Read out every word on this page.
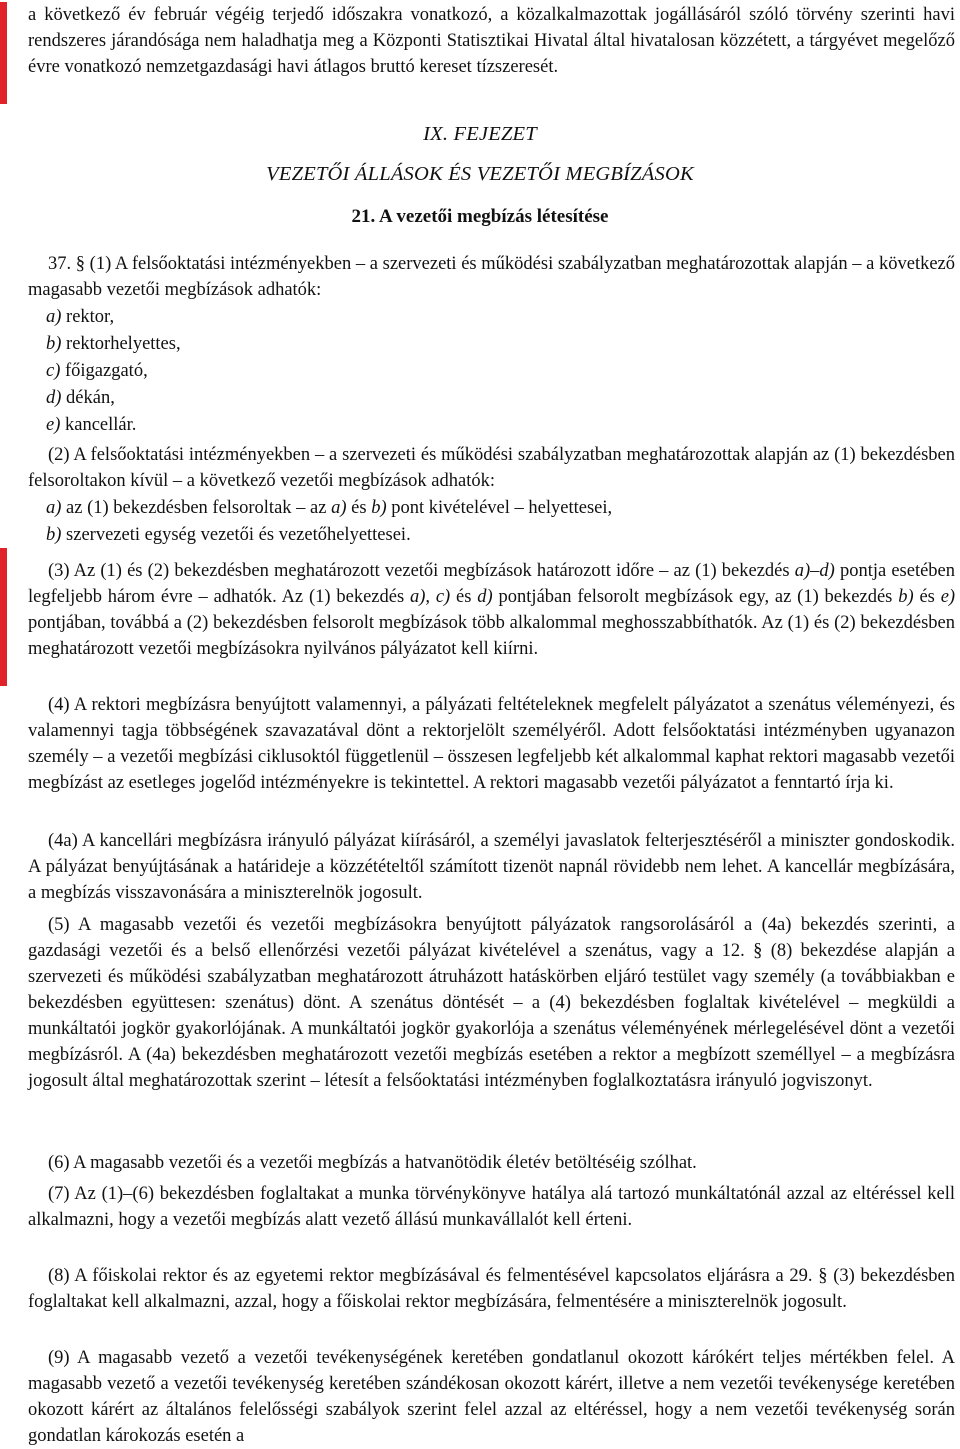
a következő év február végéig terjedő időszakra vonatkozó, a közalkalmazottak jogállásáról szóló törvény szerinti havi rendszeres járandósága nem haladhatja meg a Központi Statisztikai Hivatal által hivatalosan közzétett, a tárgyévet megelőző évre vonatkozó nemzetgazdasági havi átlagos bruttó kereset tízszeresét.

IX. FEJEZET

VEZETŐI ÁLLÁSOK ÉS VEZETŐI MEGBÍZÁSOK

21. A vezetői megbízás létesítése

37. § (1) A felsőoktatási intézményekben – a szervezeti és működési szabályzatban meghatározottak alapján – a következő magasabb vezetői megbízások adhatók:

a) rektor,
b) rektorhelyettes,
c) főigazgató,
d) dékán,
e) kancellár.

(2) A felsőoktatási intézményekben – a szervezeti és működési szabályzatban meghatározottak alapján az (1) bekezdésben felsoroltakon kívül – a következő vezetői megbízások adhatók:

a) az (1) bekezdésben felsoroltak – az a) és b) pont kivételével – helyettesei,
b) szervezeti egység vezetői és vezetőhelyettesei.

(3) Az (1) és (2) bekezdésben meghatározott vezetői megbízások határozott időre – az (1) bekezdés a)–d) pontja esetében legfeljebb három évre – adhatók. Az (1) bekezdés a), c) és d) pontjában felsorolt megbízások egy, az (1) bekezdés b) és e) pontjában, továbbá a (2) bekezdésben felsorolt megbízások több alkalommal meghosszabbíthatók. Az (1) és (2) bekezdésben meghatározott vezetői megbízásokra nyilvános pályázatot kell kiírni.

(4) A rektori megbízásra benyújtott valamennyi, a pályázati feltételeknek megfelelt pályázatot a szenátus véleményezi, és valamennyi tagja többségének szavazatával dönt a rektorjelölt személyéről. Adott felsőoktatási intézményben ugyanazon személy – a vezetői megbízási ciklusoktól függetlenül – összesen legfeljebb két alkalommal kaphat rektori magasabb vezetői megbízást az esetleges jogelőd intézményekre is tekintettel. A rektori magasabb vezetői pályázatot a fenntartó írja ki.

(4a) A kancellári megbízásra irányuló pályázat kiírásáról, a személyi javaslatok felterjesztéséről a miniszter gondoskodik. A pályázat benyújtásának a határideje a közzétételtől számított tizenöt napnál rövidebb nem lehet. A kancellár megbízására, a megbízás visszavonására a miniszterelnök jogosult.

(5) A magasabb vezetői és vezetői megbízásokra benyújtott pályázatok rangsorolásáról a (4a) bekezdés szerinti, a gazdasági vezetői és a belső ellenőrzési vezetői pályázat kivételével a szenátus, vagy a 12. § (8) bekezdése alapján a szervezeti és működési szabályzatban meghatározott átruházott hatáskörben eljáró testület vagy személy (a továbbiakban e bekezdésben együttesen: szenátus) dönt. A szenátus döntését – a (4) bekezdésben foglaltak kivételével – megküldi a munkáltatói jogkör gyakorlójának. A munkáltatói jogkör gyakorlója a szenátus véleményének mérlegelésével dönt a vezetői megbízásról. A (4a) bekezdésben meghatározott vezetői megbízás esetében a rektor a megbízott személlyel – a megbízásra jogosult által meghatározottak szerint – létesít a felsőoktatási intézményben foglalkoztatásra irányuló jogviszonyt.

(6) A magasabb vezetői és a vezetői megbízás a hatvanötödik életév betöltéséig szólhat.

(7) Az (1)–(6) bekezdésben foglaltakat a munka törvénykönyve hatálya alá tartozó munkáltatónál azzal az eltéréssel kell alkalmazni, hogy a vezetői megbízás alatt vezető állású munkavállalót kell érteni.

(8) A főiskolai rektor és az egyetemi rektor megbízásával és felmentésével kapcsolatos eljárásra a 29. § (3) bekezdésben foglaltakat kell alkalmazni, azzal, hogy a főiskolai rektor megbízására, felmentésére a miniszterelnök jogosult.

(9) A magasabb vezető a vezetői tevékenységének keretében gondatlanul okozott kárókért teljes mértékben felel. A magasabb vezető a vezetői tevékenység keretében szándékosan okozott kárért, illetve a nem vezetői tevékenysége keretében okozott kárért az általános felelősségi szabályok szerint felel azzal az eltéréssel, hogy a nem vezetői tevékenység során gondatlan károkozás esetén a
